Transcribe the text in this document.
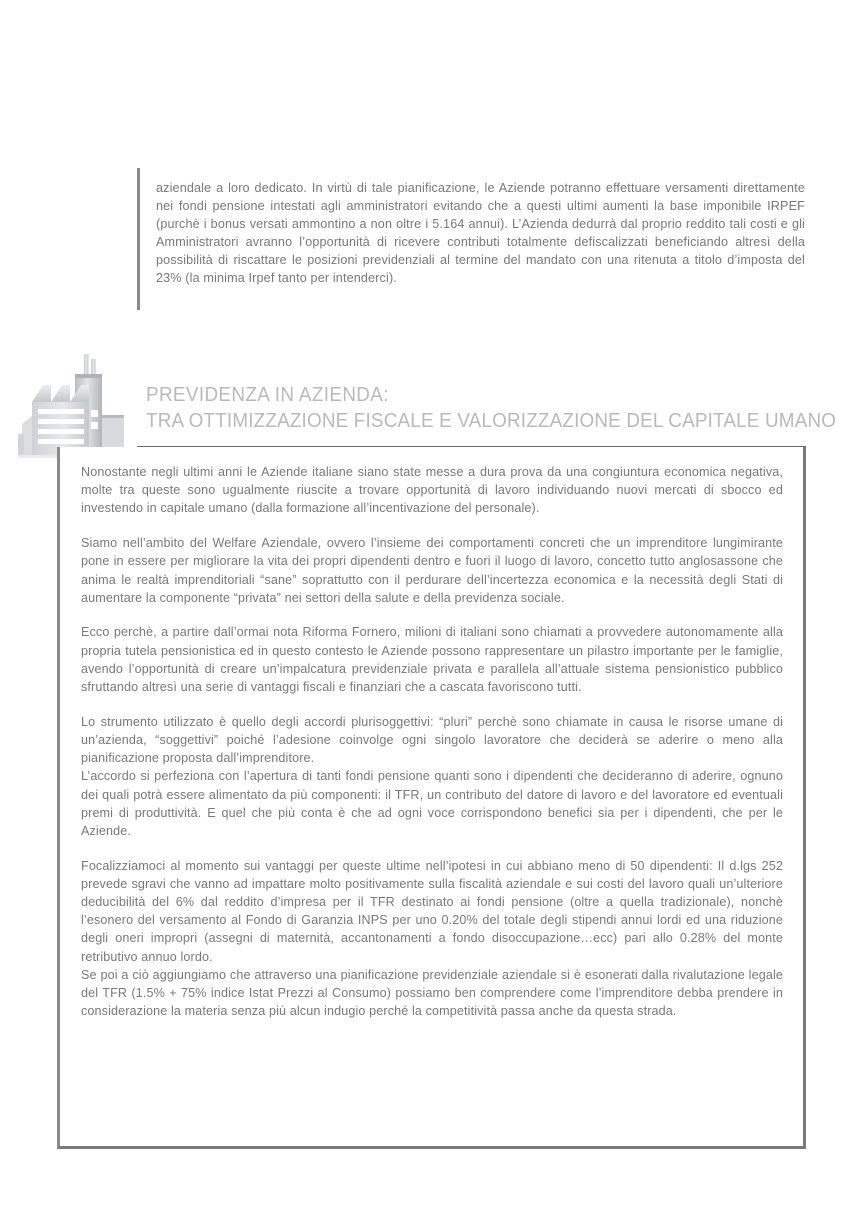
aziendale a loro dedicato. In virtù di tale pianificazione, le Aziende potranno effettuare versamenti direttamente nei fondi pensione intestati agli amministratori evitando che a questi ultimi aumenti la base imponibile IRPEF (purchè i bonus versati ammontino a non oltre i 5.164 annui). L’Azienda dedurrà dal proprio reddito tali costi e gli Amministratori avranno l’opportunità di ricevere contributi totalmente defiscalizzati beneficiando altresì della possibilità di riscattare le posizioni previdenziali al termine del mandato con una ritenuta a titolo d’imposta del 23% (la minima Irpef tanto per intenderci).

PREVIDENZA IN AZIENDA:
TRA OTTIMIZZAZIONE FISCALE E VALORIZZAZIONE DEL CAPITALE UMANO

Nonostante negli ultimi anni le Aziende italiane siano state messe a dura prova da una congiuntura economica negativa, molte tra queste sono ugualmente riuscite a trovare opportunità di lavoro individuando nuovi mercati di sbocco ed investendo in capitale umano (dalla formazione all’incentivazione del personale).

Siamo nell’ambito del Welfare Aziendale, ovvero l’insieme dei comportamenti concreti che un imprenditore lungimirante pone in essere per migliorare la vita dei propri dipendenti dentro e fuori il luogo di lavoro, concetto tutto anglosassone che anima le realtà imprenditoriali “sane” soprattutto con il perdurare dell’incertezza economica e la necessità degli Stati di aumentare la componente “privata” nei settori della salute e della previdenza sociale.

Ecco perchè, a partire dall’ormai nota Riforma Fornero, milioni di italiani sono chiamati a provvedere autonomamente alla propria tutela pensionistica ed in questo contesto le Aziende possono rappresentare un pilastro importante per le famiglie, avendo l’opportunità di creare un’impalcatura previdenziale privata e parallela all’attuale sistema pensionistico pubblico sfruttando altresì una serie di vantaggi fiscali e finanziari che a cascata favoriscono tutti.

Lo strumento utilizzato è quello degli accordi plurisoggettivi: “pluri” perchè sono chiamate in causa le risorse umane di un’azienda, “soggettivi” poiché l’adesione coinvolge ogni singolo lavoratore che deciderà se aderire o meno alla pianificazione proposta dall’imprenditore.

L’accordo si perfeziona con l’apertura di tanti fondi pensione quanti sono i dipendenti che decideranno di aderire, ognuno dei quali potrà essere alimentato da più componenti: il TFR, un contributo del datore di lavoro e del lavoratore ed eventuali premi di produttività. E quel che più conta è che ad ogni voce corrispondono benefici sia per i dipendenti, che per le Aziende.

Focalizziamoci al momento sui vantaggi per queste ultime nell’ipotesi in cui abbiano meno di 50 dipendenti: Il d.lgs 252 prevede sgravi che vanno ad impattare molto positivamente sulla fiscalità aziendale e sui costi del lavoro quali un’ulteriore deducibilità del 6% dal reddito d’impresa per il TFR destinato ai fondi pensione (oltre a quella tradizionale), nonchè l’esonero del versamento al Fondo di Garanzia INPS per uno 0.20% del totale degli stipendi annui lordi ed una riduzione degli oneri impropri (assegni di maternità, accantonamenti a fondo disoccupazione…ecc) pari allo 0.28% del monte retributivo annuo lordo.

Se poi a ciò aggiungiamo che attraverso una pianificazione previdenziale aziendale si è esonerati dalla rivalutazione legale del TFR (1.5% + 75% indice Istat Prezzi al Consumo) possiamo ben comprendere come l’imprenditore debba prendere in considerazione la materia senza più alcun indugio perché la competitività passa anche da questa strada.
